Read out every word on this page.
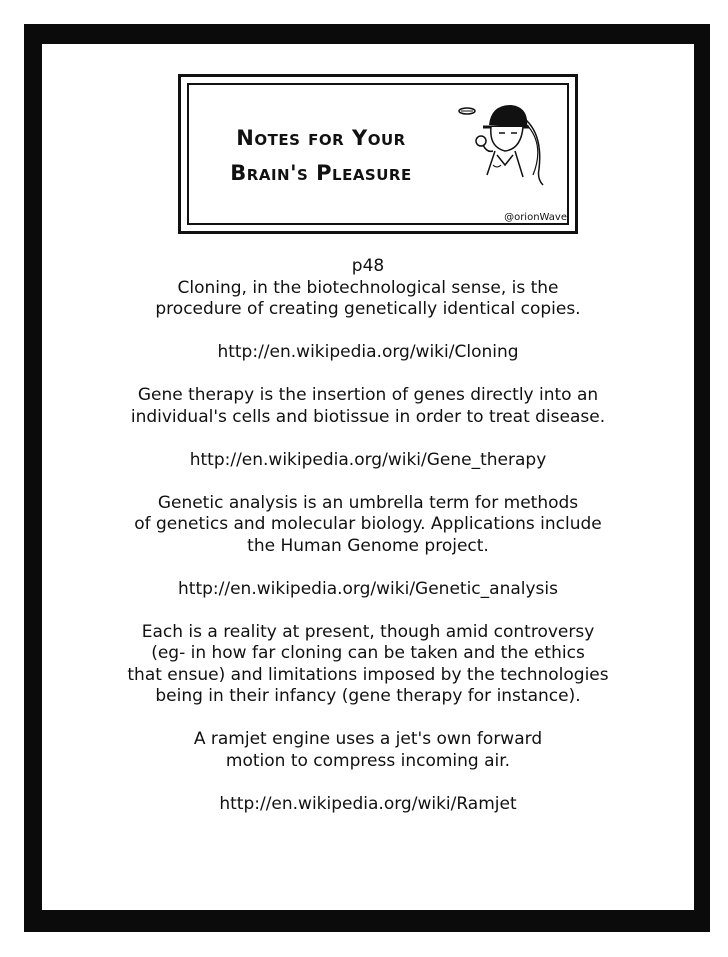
Notes for Your
Brain's Pleasure
@orionWave
p48
Cloning, in the biotechnological sense, is the
procedure of creating genetically identical copies.
http://en.wikipedia.org/wiki/Cloning
Gene therapy is the insertion of genes directly into an
individual's cells and biotissue in order to treat disease.
http://en.wikipedia.org/wiki/Gene_therapy
Genetic analysis is an umbrella term for methods
of genetics and molecular biology. Applications include
the Human Genome project.
http://en.wikipedia.org/wiki/Genetic_analysis
Each is a reality at present, though amid controversy
(eg- in how far cloning can be taken and the ethics
that ensue) and limitations imposed by the technologies
being in their infancy (gene therapy for instance).
A ramjet engine uses a jet's own forward
motion to compress incoming air.
http://en.wikipedia.org/wiki/Ramjet
